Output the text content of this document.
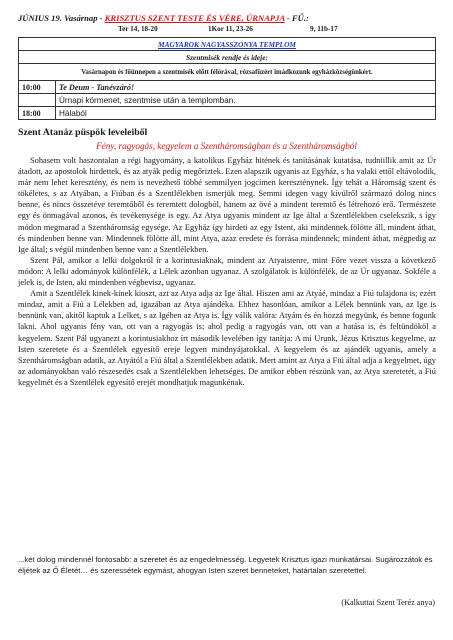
JÚNIUS 19. Vasárnap - KRISZTUS SZENT TESTE ÉS VÉRE, ÚRNAPJA - FŰ.:
Ter 14, 18-20	1Kor 11, 23-26	9, 11b-17
MAGYAROK NAGYASSZONYA TEMPLOM	
Szentmisék rendje és ideje:	
Vasárnapon és főünnepen a szentmisék előtt félórával, rózsafüzért imádkozunk egyházközségünkért.	
10:00	Te Deum - Tanévzáró!
	Úrnapi körmenet, szentmise után a templomban.
18:00	Hálaból
Szent Atanáz püspök leveleiből
Fény, ragyogás, kegyelem a Szentháromságban és a Szentháromságból

Sohasem volt haszontalan a régi hagyomány, a katolikus Egyház hitének és tanításának kutatása, tudniillik amit az Úr átadott, az apostolok hirdettek, és az atyák pedig megőriztek. Ezen alapszik ugyanis az Egyház, s ha valaki ettől eltávolodik, már nem lehet keresztény, és nem is nevezhető többé semmilyen jogcímen kereszténynek. Így tehát a Háromság szent és tökéletes, s az Atyában, a Fiúban és a Szentlélekben ismerjük meg. Semmi idegen vagy kívülről származó dolog nincs benne, és nincs összetéve teremtőből és teremtett dologból, hanem az övé a mindent teremtő és létrehozó erő. Természete egy és önmagával azonos, és tevékenysége is egy. Az Atya ugyanis mindent az Ige által a Szentlélekben cselekszik, s így módon megmarad a Szentháromság egysége. Az Egyház így hirdeti az egy Istent, aki mindennek fölötte áll, mindent áthat, és mindenben benne van. Mindennek fölötte áll, mint Atya, azaz eredete és forrása mindennek; mindent áthat, mégpedig az Ige által; s végül mindenben benne van: a Szentlélekben.

Szent Pál, amikor a lelki dolgokról ír a korintusiaknak, mindent az Atyaistenre, mint Főre vezet vissza a következő módon: A lelki adományok különfélék, a Lélek azonban ugyanaz. A szolgálatok is különfélék, de az Úr ugyanaz. Sokféle a jelek is, de Isten, aki mindenben végbevisz, ugyanaz.

Amit a Szentlélek kinek-kinek kioszt, azt az Atya adja az Ige által. Hiszen ami az Atyáé, mindaz a Fiú tulajdona is; ezért mindaz, amit a Fiú a Lélekben ad, igazában az Atya ajándéka. Ehhez hasonlóan, amikor a Lélek bennünk van, az Ige is bennünk van, akitől kaptuk a Lelket, s az Igében az Atya is. Így válik valóra: Atyám és én hozzá megyünk, és benne fogunk lakni. Ahol ugyanis fény van, ott van a ragyogás is; ahol pedig a ragyogás van, ott van a hatása is, és feltündököl a kegyelem. Szent Pál ugyanezt a korintusiakhoz írt második levelében így tanítja: A mi Urunk, Jézus Krisztus kegyelme, az Isten szeretete és a Szentlélek egyesítő ereje legyen mindnyájatokkal. A kegyelem és az ajándék ugyanis, amely a Szentháromságban adatik, az Atyától a Fiú által a Szentlélekben adatik. Mert amint az Atya a Fiú által adja a kegyelmet, úgy az adományokban való részesedés csak a Szentlélekben lehetséges. De amikor ebben részünk van, az Atya szeretetét, a Fiú kegyelmét és a Szentlélek egyesítő erejét mondhatjuk magunkénak.

...két dolog mindennél fontosabb: a szeretet és az engedelmesség. Legyetek Krisztus igazi munkatársai. Sugározzátok és éljétek az Ő Életét… és szeressétek egymást, ahogyan Isten szeret benneteket, határtalan szeretettel.
(Kalkuttai Szent Teréz anya)
